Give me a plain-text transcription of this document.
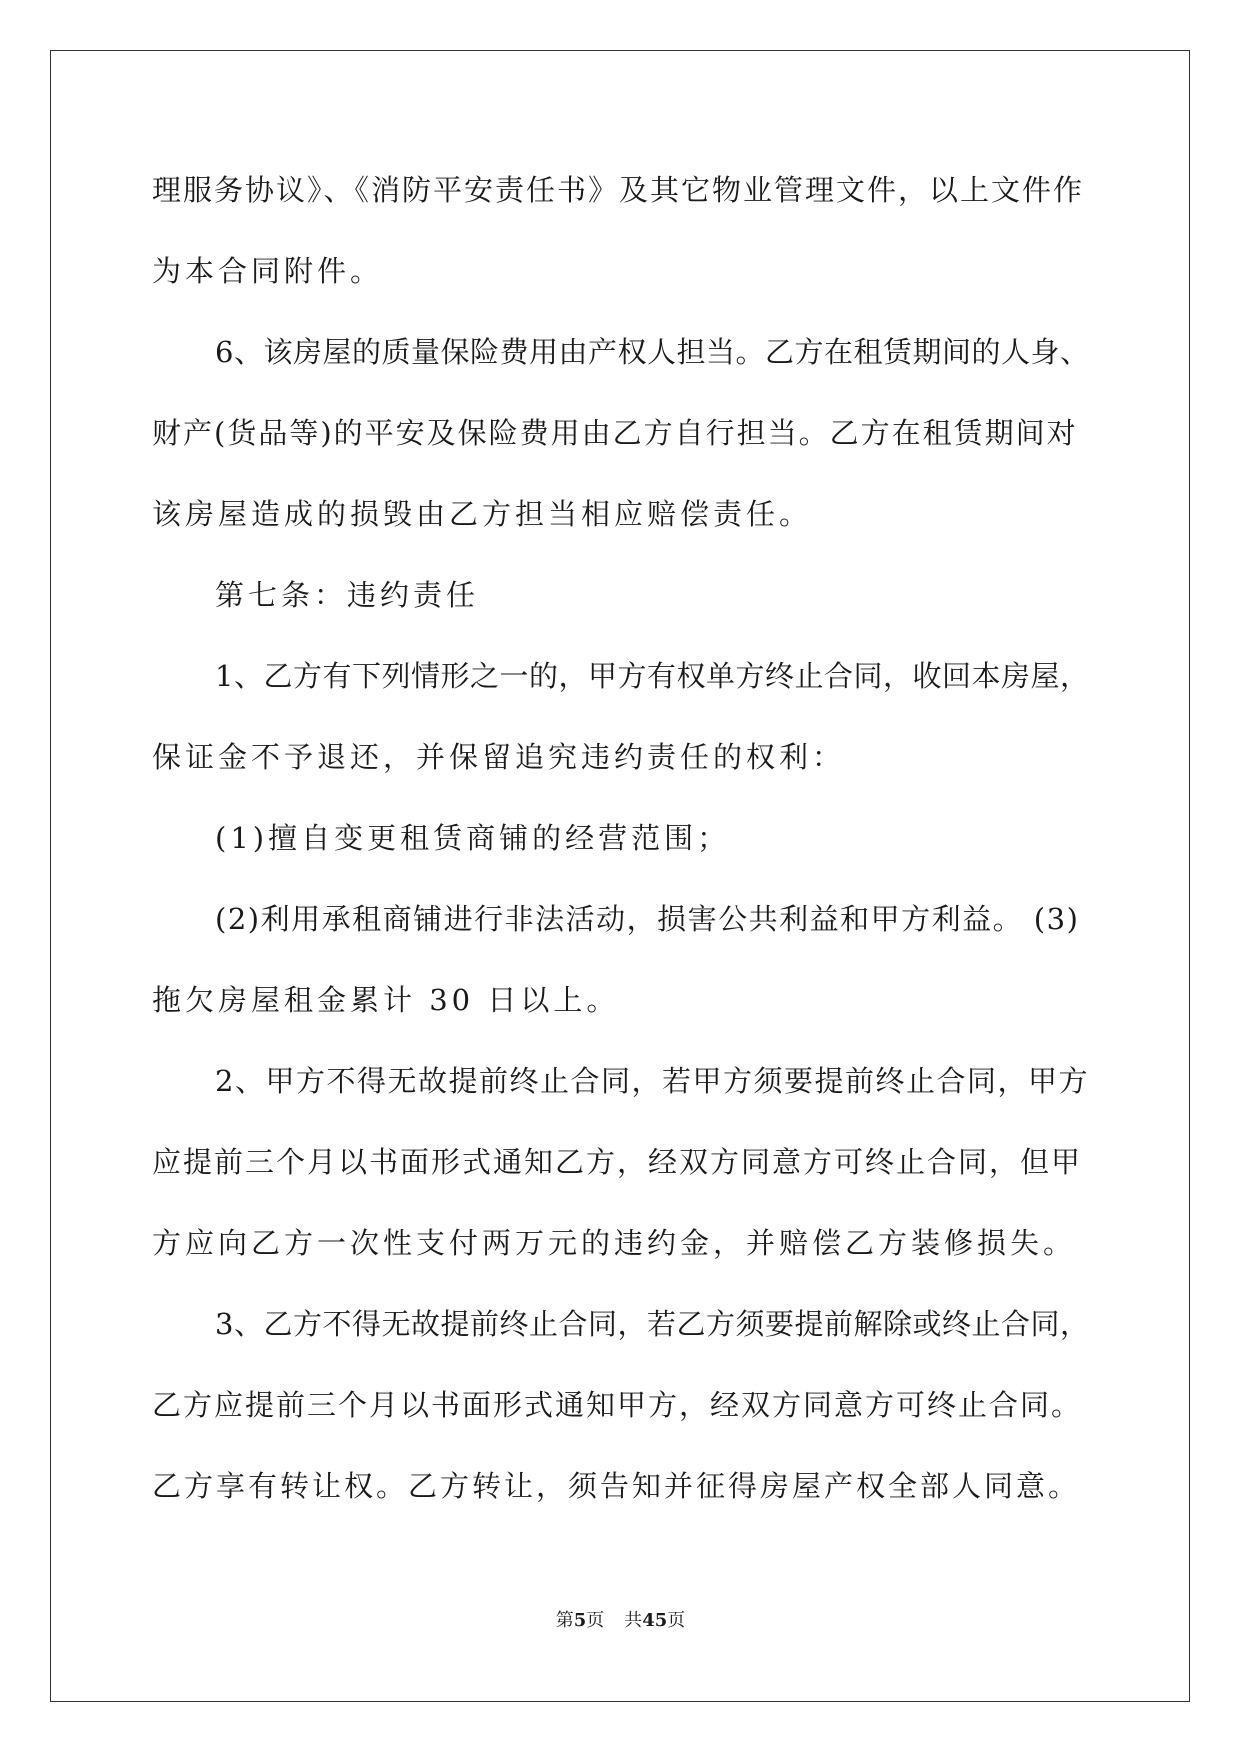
理服务协议》、《消防平安责任书》及其它物业管理文件，以上文件作
为本合同附件。
6、该房屋的质量保险费用由产权人担当。乙方在租赁期间的人身、
财产(货品等)的平安及保险费用由乙方自行担当。乙方在租赁期间对
该房屋造成的损毁由乙方担当相应赔偿责任。
第七条：违约责任
1、乙方有下列情形之一的，甲方有权单方终止合同，收回本房屋，
保证金不予退还，并保留追究违约责任的权利：
(1)擅自变更租赁商铺的经营范围；
(2)利用承租商铺进行非法活动，损害公共利益和甲方利益。 (3)
拖欠房屋租金累计 30 日以上。
2、甲方不得无故提前终止合同，若甲方须要提前终止合同，甲方
应提前三个月以书面形式通知乙方，经双方同意方可终止合同，但甲
方应向乙方一次性支付两万元的违约金，并赔偿乙方装修损失。
3、乙方不得无故提前终止合同，若乙方须要提前解除或终止合同，
乙方应提前三个月以书面形式通知甲方，经双方同意方可终止合同。
乙方享有转让权。乙方转让，须告知并征得房屋产权全部人同意。
第5页 共45页
